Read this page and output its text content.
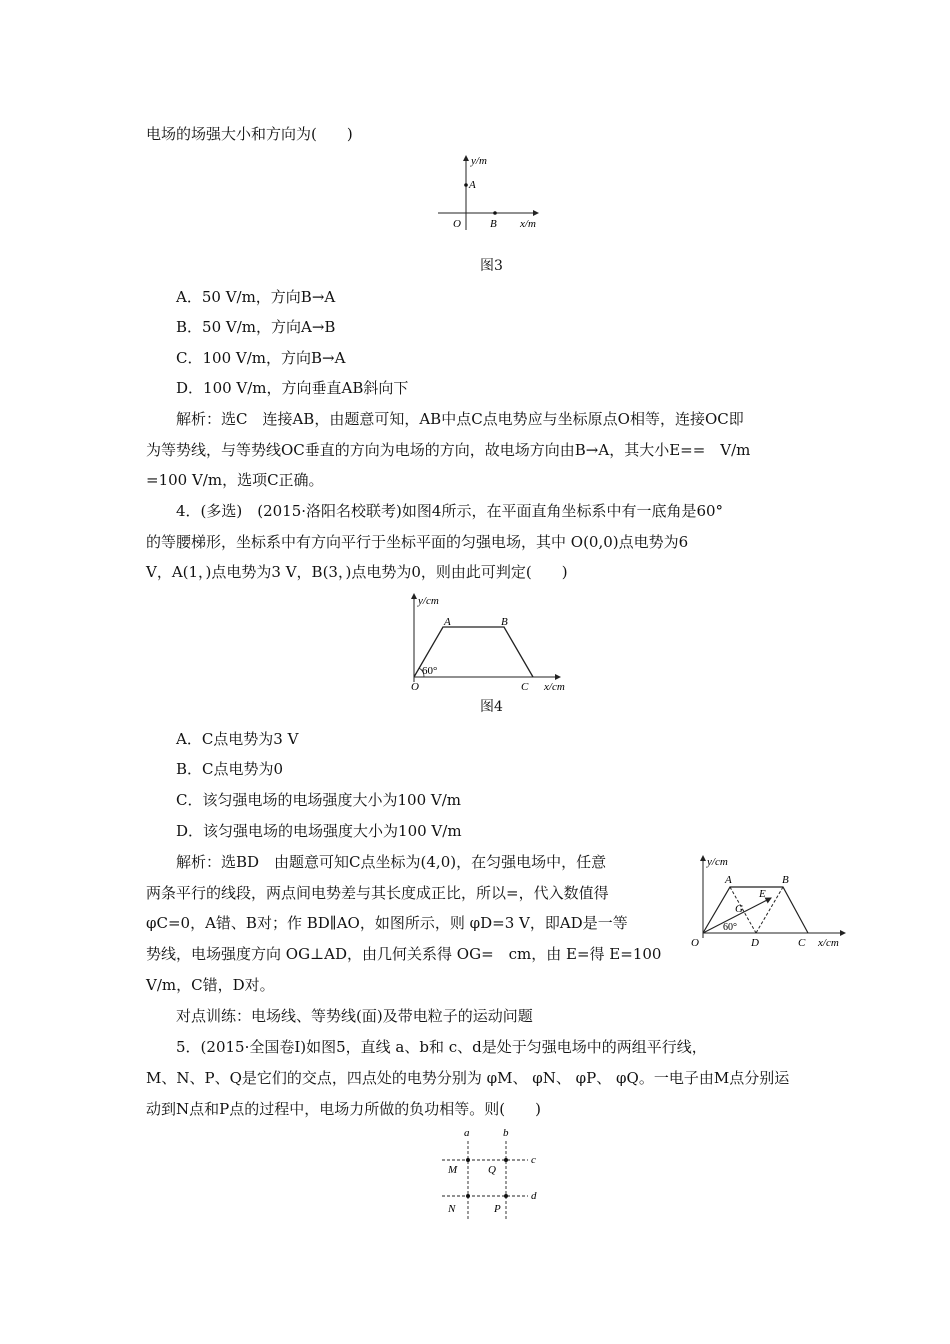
电场的场强大小和方向为(　　)
y/m
A
O	B x/m
图3
A．50 V/m，方向B→A
B．50 V/m，方向A→B
C．100 V/m，方向B→A
D．100 V/m，方向垂直AB斜向下
解析：选C　连接AB，由题意可知，AB中点C点电势应与坐标原点O相等，连接OC即
为等势线，与等势线OC垂直的方向为电场的方向，故电场方向由B→A，其大小E==　V/m
=100 V/m，选项C正确。
4．(多选)　(2015·洛阳名校联考)如图4所示，在平面直角坐标系中有一底角是60°
的等腰梯形，坐标系中有方向平行于坐标平面的匀强电场，其中 O(0,0)点电势为6
V，A(1，)点电势为3 V，B(3，)点电势为0，则由此可判定(　　)
y/cm
A	B
60°
O	C x/cm
图4
A．C点电势为3 V
B．C点电势为0
C．该匀强电场的电场强度大小为100 V/m
D．该匀强电场的电场强度大小为100 V/m
解析：选BD　由题意可知C点坐标为(4,0)，在匀强电场中，任意
两条平行的线段，两点间电势差与其长度成正比，所以=，代入数值得
φC=0，A错、B对；作 BD∥AO，如图所示，则 φD=3 V，即AD是一等
势线，电场强度方向 OG⊥AD，由几何关系得 OG=　cm，由 E=得 E=100
V/m，C错，D对。
y/cm
A	B
E
G
60°
O	D	C x/cm
对点训练：电场线、等势线(面)及带电粒子的运动问题
5．(2015·全国卷Ⅰ)如图5，直线 a、b和 c、d是处于匀强电场中的两组平行线，
M、N、P、Q是它们的交点，四点处的电势分别为 φM、 φN、 φP、 φQ。一电子由M点分别运
动到N点和P点的过程中，电场力所做的负功相等。则(　　)
a	b
c
d
M	Q
N	P
